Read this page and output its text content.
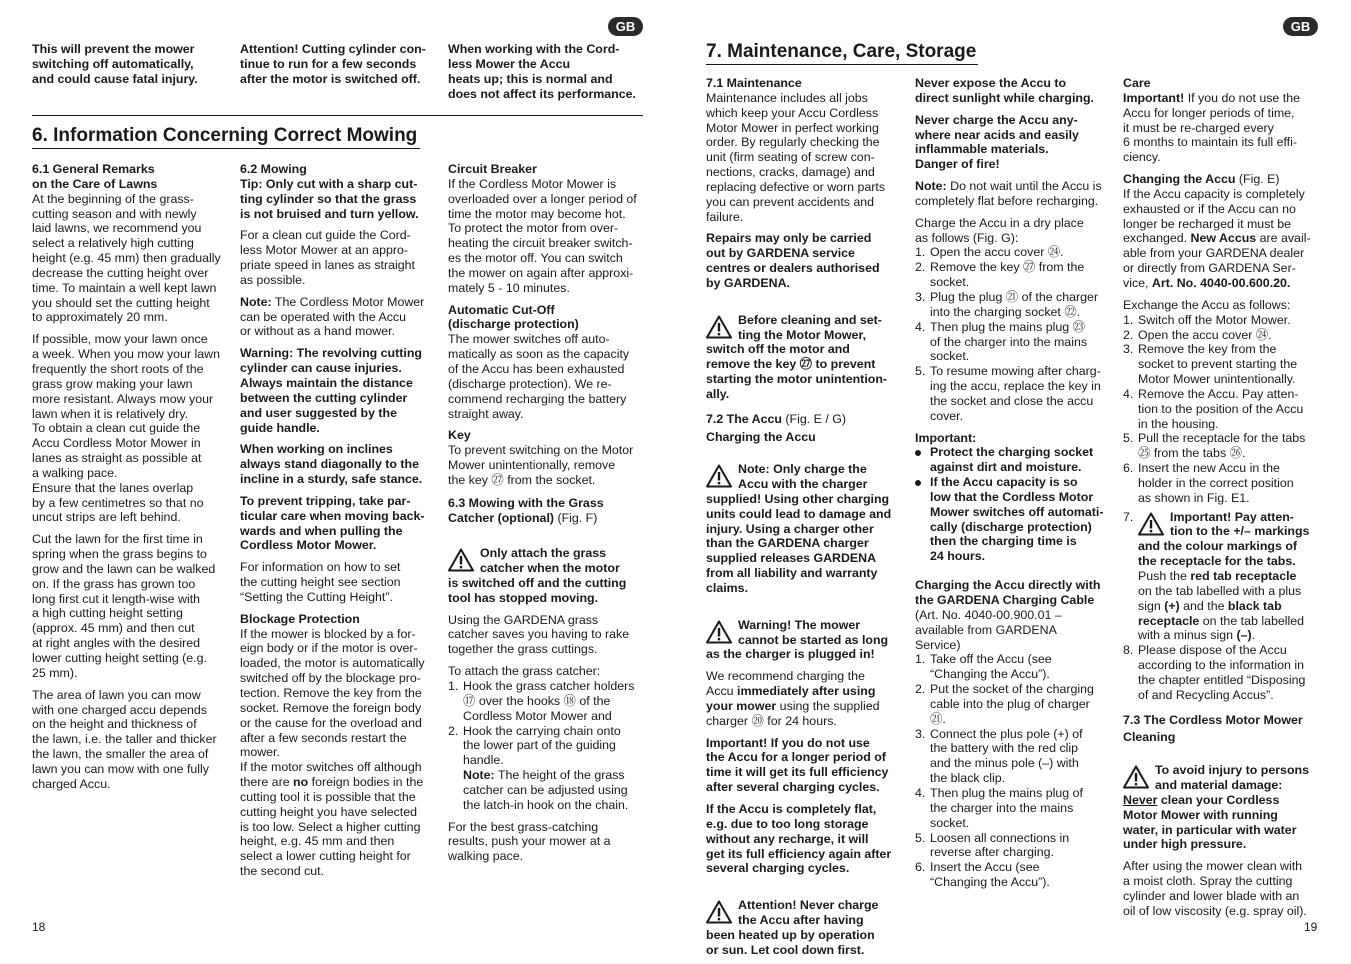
This will prevent the mower
switching off automatically,
and could cause fatal injury.

Attention! Cutting cylinder con-
tinue to run for a few seconds
after the motor is switched off.

When working with the Cord-
less Mower the Accu
heats up; this is normal and
does not affect its performance.

6. Information Concerning Correct Mowing
6.1 General Remarks
on the Care of Lawns

At the beginning of the grass-
cutting season and with newly
laid lawns, we recommend you
select a relatively high cutting
height (e.g. 45 mm) then gradually
decrease the cutting height over
time. To maintain a well kept lawn
you should set the cutting height
to approximately 20 mm.

If possible, mow your lawn once
a week. When you mow your lawn
frequently the short roots of the
grass grow making your lawn
more resistant. Always mow your
lawn when it is relatively dry.
To obtain a clean cut guide the
Accu Cordless Motor Mower in
lanes as straight as possible at
a walking pace.
Ensure that the lanes overlap
by a few centimetres so that no
uncut strips are left behind.

Cut the lawn for the first time in
spring when the grass begins to
grow and the lawn can be walked
on. If the grass has grown too
long first cut it length-wise with
a high cutting height setting
(approx. 45 mm) and then cut
at right angles with the desired
lower cutting height setting (e.g.
25 mm).

The area of lawn you can mow
with one charged accu depends
on the height and thickness of
the lawn, i.e. the taller and thicker
the lawn, the smaller the area of
lawn you can mow with one fully
charged Accu.

6.2 Mowing

Tip: Only cut with a sharp cut-
ting cylinder so that the grass
is not bruised and turn yellow.

For a clean cut guide the Cord-
less Motor Mower at an appro-
priate speed in lanes as straight
as possible.

Note: The Cordless Motor Mower
can be operated with the Accu
or without as a hand mower.

Warning: The revolving cutting
cylinder can cause injuries.
Always maintain the distance
between the cutting cylinder
and user suggested by the
guide handle.

When working on inclines
always stand diagonally to the
incline in a sturdy, safe stance.

To prevent tripping, take par-
ticular care when moving back-
wards and when pulling the
Cordless Motor Mower.

For information on how to set
the cutting height see section
“Setting the Cutting Height”.

Blockage Protection

If the mower is blocked by a for-
eign body or if the motor is over-
loaded, the motor is automatically
switched off by the blockage pro-
tection. Remove the key from the
socket. Remove the foreign body
or the cause for the overload and
after a few seconds restart the
mower.
If the motor switches off although
there are no foreign bodies in the
cutting tool it is possible that the
cutting height you have selected
is too low. Select a higher cutting
height, e.g. 45 mm and then
select a lower cutting height for
the second cut.

Circuit Breaker

If the Cordless Motor Mower is
overloaded over a longer period of
time the motor may become hot.
To protect the motor from over-
heating the circuit breaker switch-
es the motor off. You can switch
the mower on again after approxi-
mately 5 - 10 minutes.

Automatic Cut-Off
(discharge protection)

The mower switches off auto-
matically as soon as the capacity
of the Accu has been exhausted
(discharge protection). We re-
commend recharging the battery
straight away.

Key

To prevent switching on the Motor
Mower unintentionally, remove
the key ㉗ from the socket.

6.3 Mowing with the Grass
Catcher (optional) (Fig. F)

Only attach the grass
catcher when the motor
is switched off and the cutting
tool has stopped moving.

Using the GARDENA grass
catcher saves you having to rake
together the grass cuttings.

To attach the grass catcher:

1. Hook the grass catcher holders
⑰ over the hooks ⑱ of the
Cordless Motor Mower and
2. Hook the carrying chain onto
the lower part of the guiding
handle.
Note: The height of the grass
catcher can be adjusted using
the latch-in hook on the chain.

For the best grass-catching
results, push your mower at a
walking pace.

18
GB	GB
7. Maintenance, Care, Storage
7.1 Maintenance

Maintenance includes all jobs
which keep your Accu Cordless
Motor Mower in perfect working
order. By regularly checking the
unit (firm seating of screw con-
nections, cracks, damage) and
replacing defective or worn parts
you can prevent accidents and
failure.

Repairs may only be carried
out by GARDENA service
centres or dealers authorised
by GARDENA.

Before cleaning and set-
ting the Motor Mower,
switch off the motor and
remove the key ㉗ to prevent
starting the motor unintention-
ally.

7.2 The Accu (Fig. E / G)
Charging the Accu

Note: Only charge the
Accu with the charger
supplied! Using other charging
units could lead to damage and
injury. Using a charger other
than the GARDENA charger
supplied releases GARDENA
from all liability and warranty
claims.

Warning! The mower
cannot be started as long
as the charger is plugged in!

We recommend charging the
Accu immediately after using
your mower using the supplied
charger ⑳ for 24 hours.

Important! If you do not use
the Accu for a longer period of
time it will get its full efficiency
after several charging cycles.

If the Accu is completely flat,
e.g. due to too long storage
without any recharge, it will
get its full efficiency again after
several charging cycles.

Attention! Never charge
the Accu after having
been heated up by operation
or sun. Let cool down first.

Never expose the Accu to
direct sunlight while charging.

Never charge the Accu any-
where near acids and easily
inflammable materials.
Danger of fire!

Note: Do not wait until the Accu is
completely flat before recharging.

Charge the Accu in a dry place
as follows (Fig. G):

1. Open the accu cover ㉔.
2. Remove the key ㉗ from the
socket.
3. Plug the plug ㉑ of the charger
into the charging socket ㉒.
4. Then plug the mains plug ㉓
of the charger into the mains
socket.
5. To resume mowing after charg-
ing the accu, replace the key in
the socket and close the accu
cover.
Important:
Protect the charging socket
against dirt and moisture.
If the Accu capacity is so
low that the Cordless Motor
Mower switches off automati-
cally (discharge protection)
then the charging time is
24 hours.
Charging the Accu directly with
the GARDENA Charging Cable

(Art. No. 4040-00.900.01 –
available from GARDENA
Service)

1. Take off the Accu (see
“Changing the Accu”).
2. Put the socket of the charging
cable into the plug of charger
㉑.
3. Connect the plus pole (+) of
the battery with the red clip
and the minus pole (–) with
the black clip.
4. Then plug the mains plug of
the charger into the mains
socket.
5. Loosen all connections in
reverse after charging.
6. Insert the Accu (see
“Changing the Accu”).
Care

Important! If you do not use the
Accu for longer periods of time,
it must be re-charged every
6 months to maintain its full effi-
ciency.

Changing the Accu (Fig. E)

If the Accu capacity is completely
exhausted or if the Accu can no
longer be recharged it must be
exchanged. New Accus are avail-
able from your GARDENA dealer
or directly from GARDENA Ser-
vice, Art. No. 4040-00.600.20.

Exchange the Accu as follows:

1. Switch off the Motor Mower.
2. Open the accu cover ㉔.
3. Remove the key from the
socket to prevent starting the
Motor Mower unintentionally.
4. Remove the Accu. Pay atten-
tion to the position of the Accu
in the housing.
5. Pull the receptacle for the tabs
㉕ from the tabs ㉖.
6. Insert the new Accu in the
holder in the correct position
as shown in Fig. E1.
7.	Important! Pay atten-
tion to the +/– markings
and the colour markings of
the receptacle for the tabs.
Push the red tab receptacle
on the tab labelled with a plus
sign (+) and the black tab
receptacle on the tab labelled
with a minus sign (–).
8. Please dispose of the Accu
according to the information in
the chapter entitled “Disposing
of and Recycling Accus”.
7.3 The Cordless Motor Mower
Cleaning

To avoid injury to persons
and material damage:
Never clean your Cordless
Motor Mower with running
water, in particular with water
under high pressure.

After using the mower clean with
a moist cloth. Spray the cutting
cylinder and lower blade with an
oil of low viscosity (e.g. spray oil).

19
